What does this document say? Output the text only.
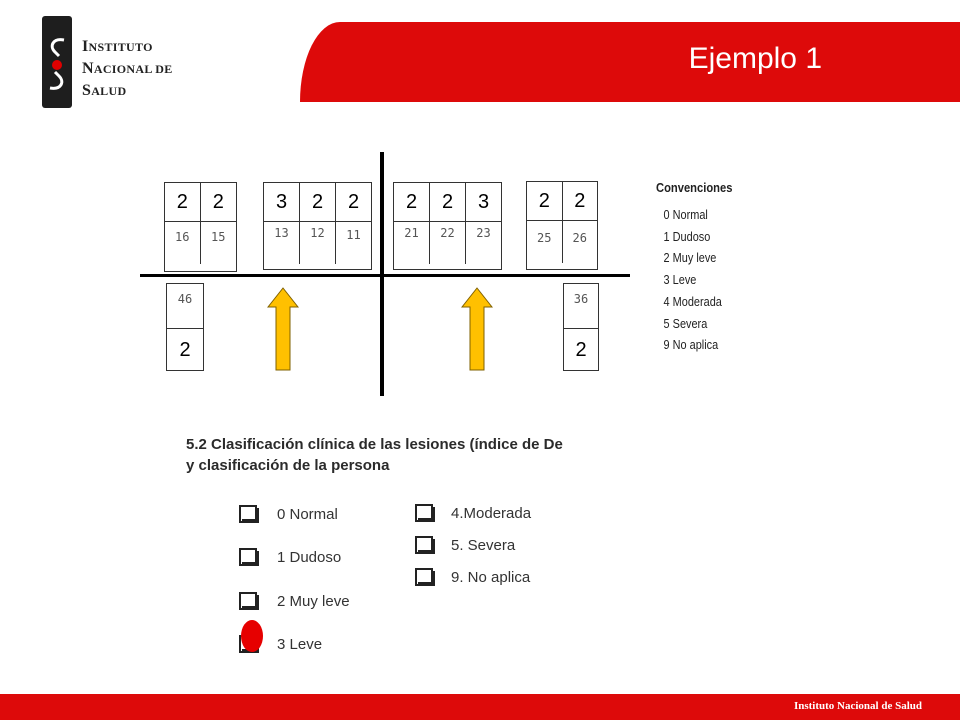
INSTITUTO
NACIONAL DE
SALUD
Ejemplo 1
2	2
16	15
3	2	2
13	12	11
2	2	3
21	22	23
2	2
25	26
46
2
36
2
Convenciones
0 Normal
1 Dudoso
2 Muy leve
3 Leve
4 Moderada
5 Severa
9 No aplica
5.2 Clasificación clínica de las lesiones (índice de De
y clasificación de la persona
0 Normal
1 Dudoso
2 Muy leve
3 Leve
4.Moderada
5. Severa
9. No aplica
Instituto Nacional de Salud
